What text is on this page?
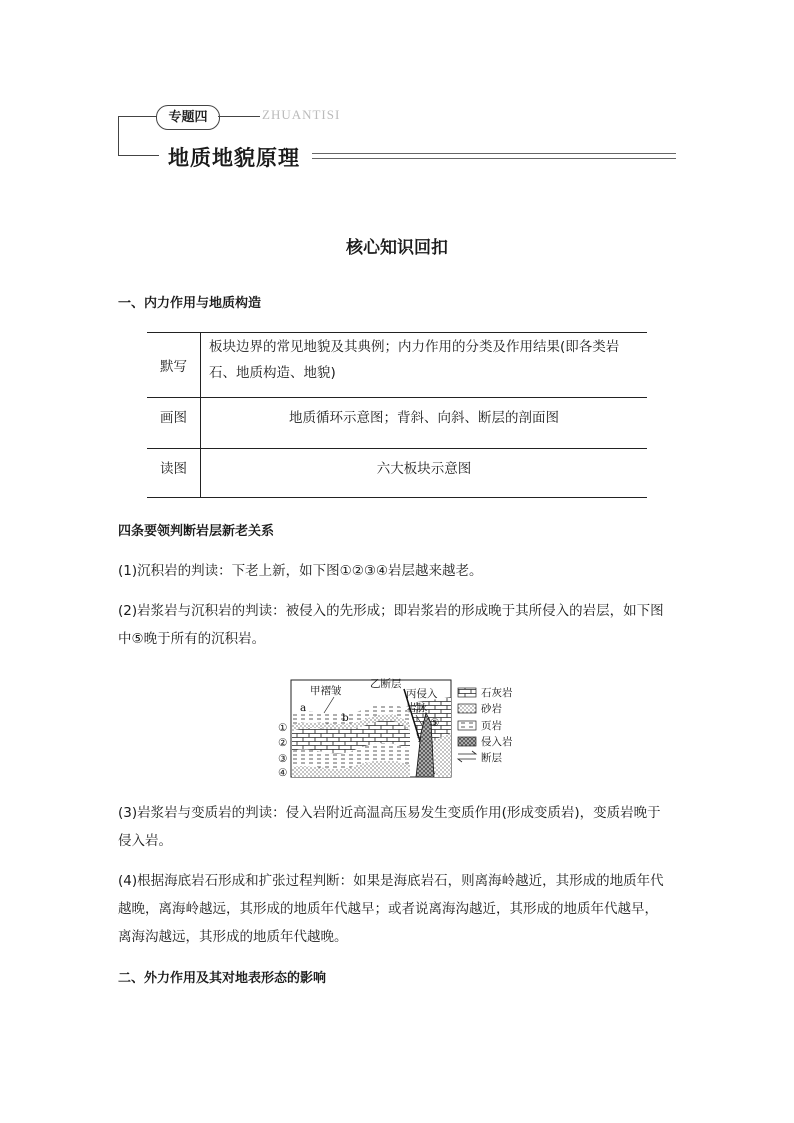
专题四	ZHUANTISI
地质地貌原理
核心知识回扣
一、内力作用与地质构造
默写	板块边界的常见地貌及其典例；内力作用的分类及作用结果(即各类岩石、地质构造、地貌)
画图	地质循环示意图；背斜、向斜、断层的剖面图
读图	六大板块示意图
四条要领判断岩层新老关系
(1)沉积岩的判读：下老上新，如下图①②③④岩层越来越老。
(2)岩浆岩与沉积岩的判读：被侵入的先形成；即岩浆岩的形成晚于其所侵入的岩层，如下图
中⑤晚于所有的沉积岩。
甲褶皱
乙断层
丙侵入
岩脉
a
b
①
②
③
④
⑤
石灰岩
砂岩
页岩
侵入岩
断层
(3)岩浆岩与变质岩的判读：侵入岩附近高温高压易发生变质作用(形成变质岩)，变质岩晚于
侵入岩。
(4)根据海底岩石形成和扩张过程判断：如果是海底岩石，则离海岭越近，其形成的地质年代
越晚，离海岭越远，其形成的地质年代越早；或者说离海沟越近，其形成的地质年代越早，
离海沟越远，其形成的地质年代越晚。
二、外力作用及其对地表形态的影响
